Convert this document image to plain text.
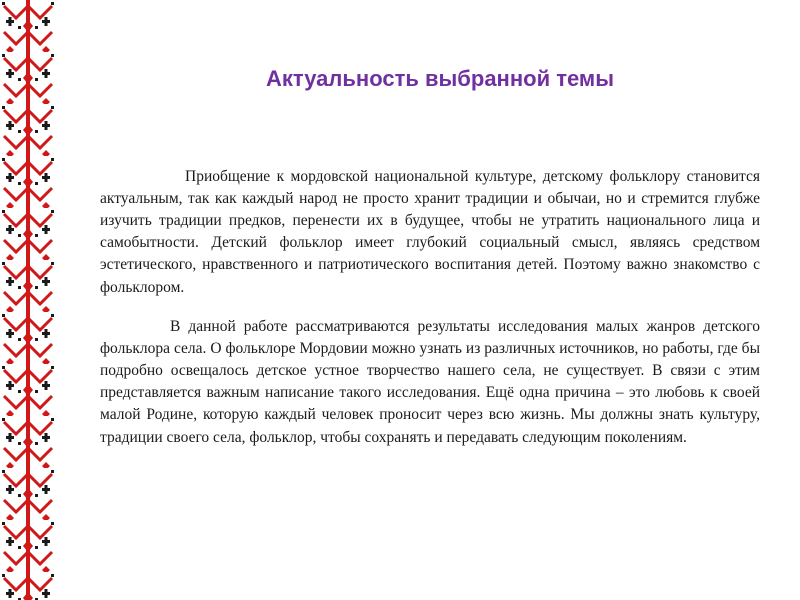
Актуальность выбранной темы

Приобщение к мордовской национальной культуре, детскому фольклору становится актуальным, так как каждый народ не просто хранит традиции и обычаи, но и стремится глубже изучить традиции предков, перенести их в будущее, чтобы не утратить национального лица и самобытности. Детский фольклор имеет глубокий социальный смысл, являясь средством эстетического, нравственного и патриотического воспитания детей. Поэтому важно знакомство с фольклором.

В данной работе рассматриваются результаты исследования малых жанров детского фольклора села. О фольклоре Мордовии можно узнать из различных источников, но работы, где бы подробно освещалось детское устное творчество нашего села, не существует. В связи с этим представляется важным написание такого исследования. Ещё одна причина – это любовь к своей малой Родине, которую каждый человек проносит через всю жизнь. Мы должны знать культуру, традиции своего села, фольклор, чтобы сохранять и передавать следующим поколениям.
